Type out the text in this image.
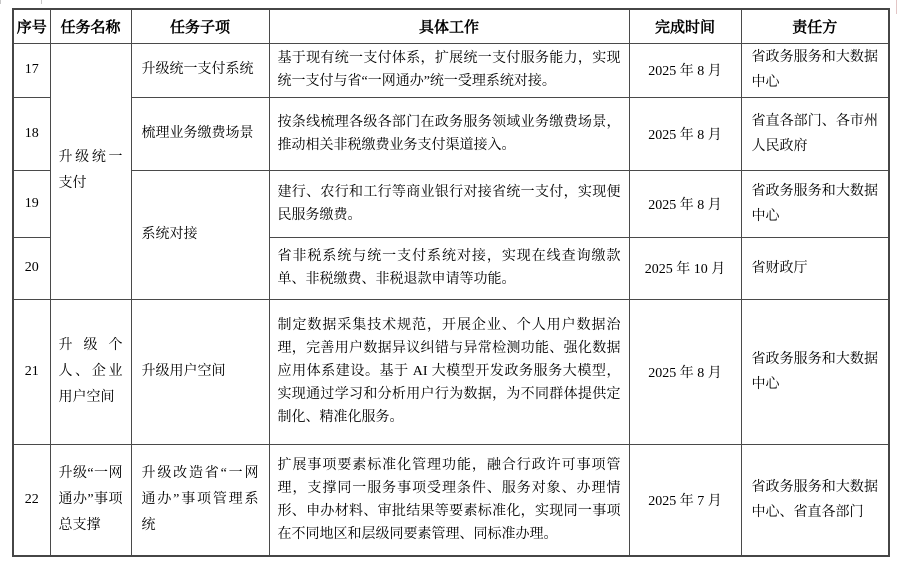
序号	任务名称	任务子项	具体工作	完成时间	责任方
17	升级统一支付	升级统一支付系统	基于现有统一支付体系，扩展统一支付服务能力，实现统一支付与省“一网通办”统一受理系统对接。	2025 年 8 月	省政务服务和大数据中心
18		梳理业务缴费场景	按条线梳理各级各部门在政务服务领域业务缴费场景，推动相关非税缴费业务支付渠道接入。	2025 年 8 月	省直各部门、各市州人民政府
19		系统对接	建行、农行和工行等商业银行对接省统一支付，实现便民服务缴费。	2025 年 8 月	省政务服务和大数据中心
20			省非税系统与统一支付系统对接，实现在线查询缴款单、非税缴费、非税退款申请等功能。	2025 年 10 月	省财政厅
21	升级个人、企业用户空间	升级用户空间	制定数据采集技术规范，开展企业、个人用户数据治理，完善用户数据异议纠错与异常检测功能、强化数据应用体系建设。基于 AI 大模型开发政务服务大模型，实现通过学习和分析用户行为数据，为不同群体提供定制化、精准化服务。	2025 年 8 月	省政务服务和大数据中心
22	升级“一网通办”事项总支撑	升级改造省“一网通办”事项管理系统	扩展事项要素标准化管理功能，融合行政许可事项管理，支撑同一服务事项受理条件、服务对象、办理情形、申办材料、审批结果等要素标准化，实现同一事项在不同地区和层级同要素管理、同标准办理。	2025 年 7 月	省政务服务和大数据中心、省直各部门
